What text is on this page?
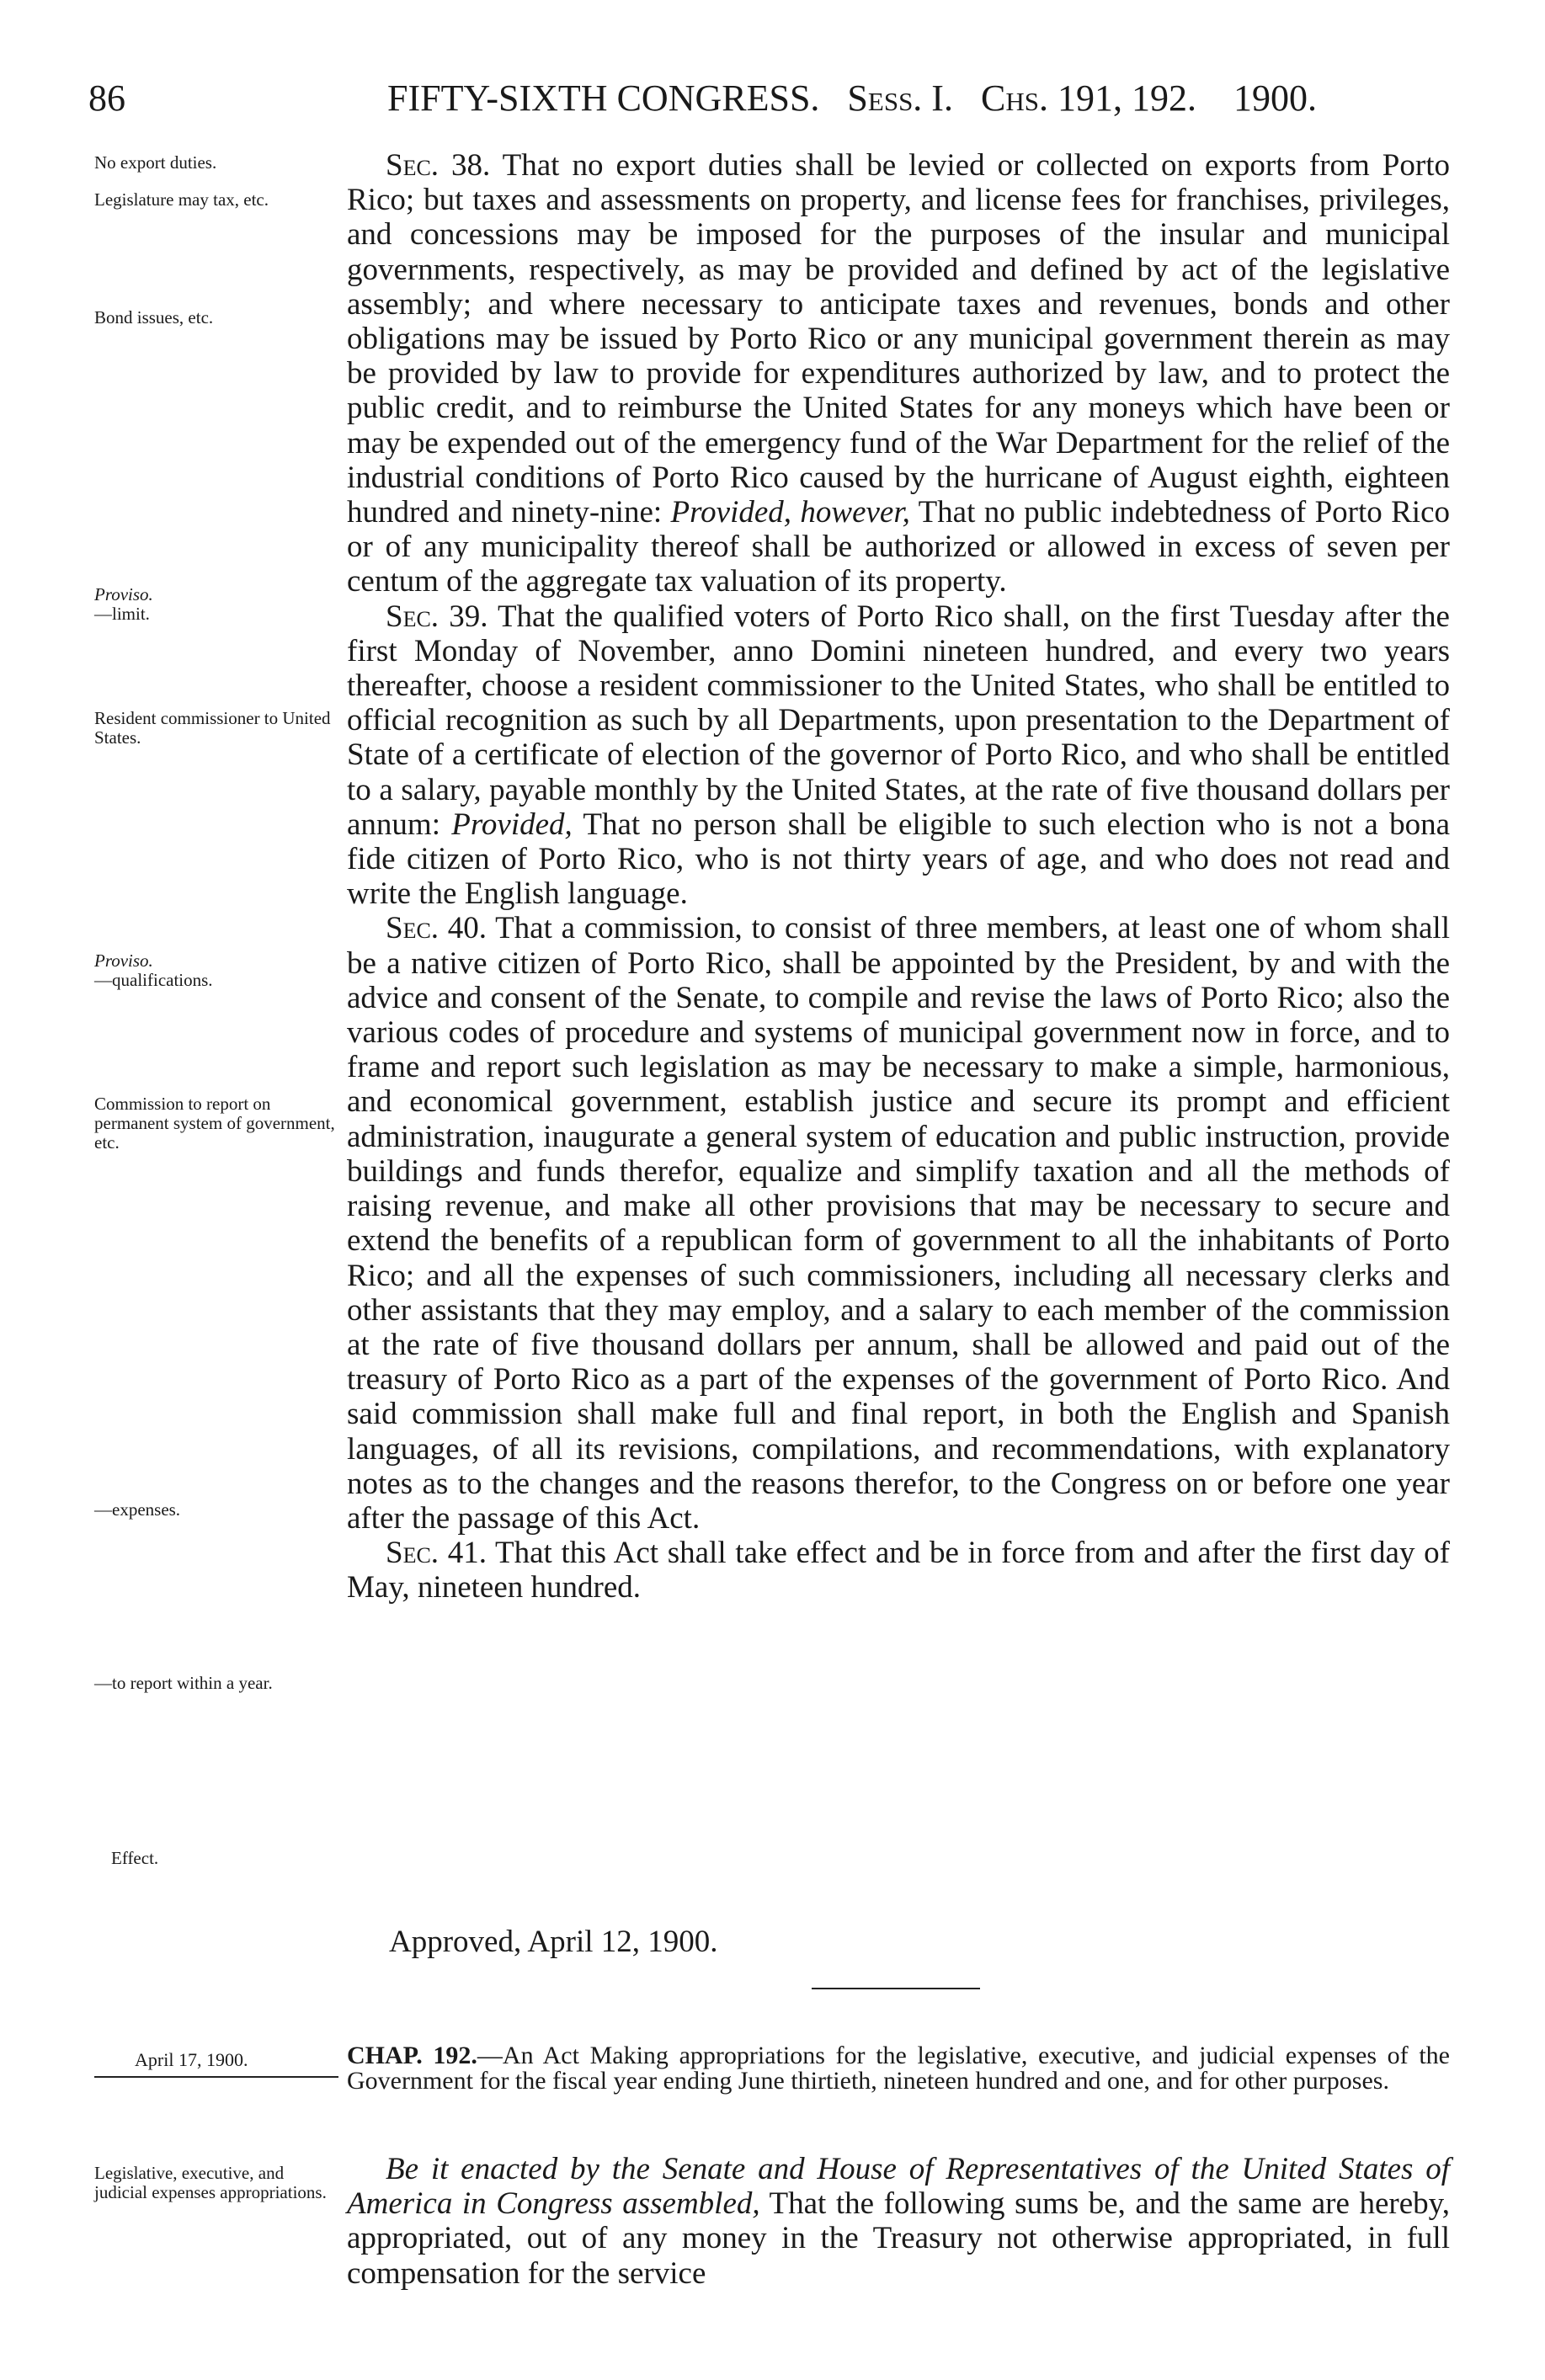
86	FIFTY-SIXTH CONGRESS. Sess. I. Chs. 191, 192. 1900.
No export duties.
Legislature may tax, etc.
Bond issues, etc.
Proviso.
—limit.
Resident commissioner to United States.
Proviso.
—qualifications.
Commission to report on permanent system of government, etc.
—expenses.
—to report within a year.
Effect.

Sec. 38. That no export duties shall be levied or collected on exports from Porto Rico; but taxes and assessments on property, and license fees for franchises, privileges, and concessions may be imposed for the purposes of the insular and municipal governments, respectively, as may be provided and defined by act of the legislative assembly; and where necessary to anticipate taxes and revenues, bonds and other obligations may be issued by Porto Rico or any municipal government therein as may be provided by law to provide for expenditures authorized by law, and to protect the public credit, and to reimburse the United States for any moneys which have been or may be expended out of the emergency fund of the War Department for the relief of the industrial conditions of Porto Rico caused by the hurricane of August eighth, eighteen hundred and ninety-nine: Provided, however, That no public indebtedness of Porto Rico or of any municipality thereof shall be authorized or allowed in excess of seven per centum of the aggregate tax valuation of its property.

Sec. 39. That the qualified voters of Porto Rico shall, on the first Tuesday after the first Monday of November, anno Domini nineteen hundred, and every two years thereafter, choose a resident commissioner to the United States, who shall be entitled to official recognition as such by all Departments, upon presentation to the Department of State of a certificate of election of the governor of Porto Rico, and who shall be entitled to a salary, payable monthly by the United States, at the rate of five thousand dollars per annum: Provided, That no person shall be eligible to such election who is not a bona fide citizen of Porto Rico, who is not thirty years of age, and who does not read and write the English language.

Sec. 40. That a commission, to consist of three members, at least one of whom shall be a native citizen of Porto Rico, shall be appointed by the President, by and with the advice and consent of the Senate, to compile and revise the laws of Porto Rico; also the various codes of procedure and systems of municipal government now in force, and to frame and report such legislation as may be necessary to make a simple, harmonious, and economical government, establish justice and secure its prompt and efficient administration, inaugurate a general system of education and public instruction, provide buildings and funds therefor, equalize and simplify taxation and all the methods of raising revenue, and make all other provisions that may be necessary to secure and extend the benefits of a republican form of government to all the inhabitants of Porto Rico; and all the expenses of such commissioners, including all necessary clerks and other assistants that they may employ, and a salary to each member of the commission at the rate of five thousand dollars per annum, shall be allowed and paid out of the treasury of Porto Rico as a part of the expenses of the government of Porto Rico. And said commission shall make full and final report, in both the English and Spanish languages, of all its revisions, compilations, and recommendations, with explanatory notes as to the changes and the reasons therefor, to the Congress on or before one year after the passage of this Act.

Sec. 41. That this Act shall take effect and be in force from and after the first day of May, nineteen hundred.

Approved, April 12, 1900.
April 17, 1900.	CHAP. 192.—An Act Making appropriations for the legislative, executive, and judicial expenses of the Government for the fiscal year ending June thirtieth, nineteen hundred and one, and for other purposes.
Legislative, executive, and judicial expenses appropriations.
Be it enacted by the Senate and House of Representatives of the United States of America in Congress assembled, That the following sums be, and the same are hereby, appropriated, out of any money in the Treasury not otherwise appropriated, in full compensation for the service
